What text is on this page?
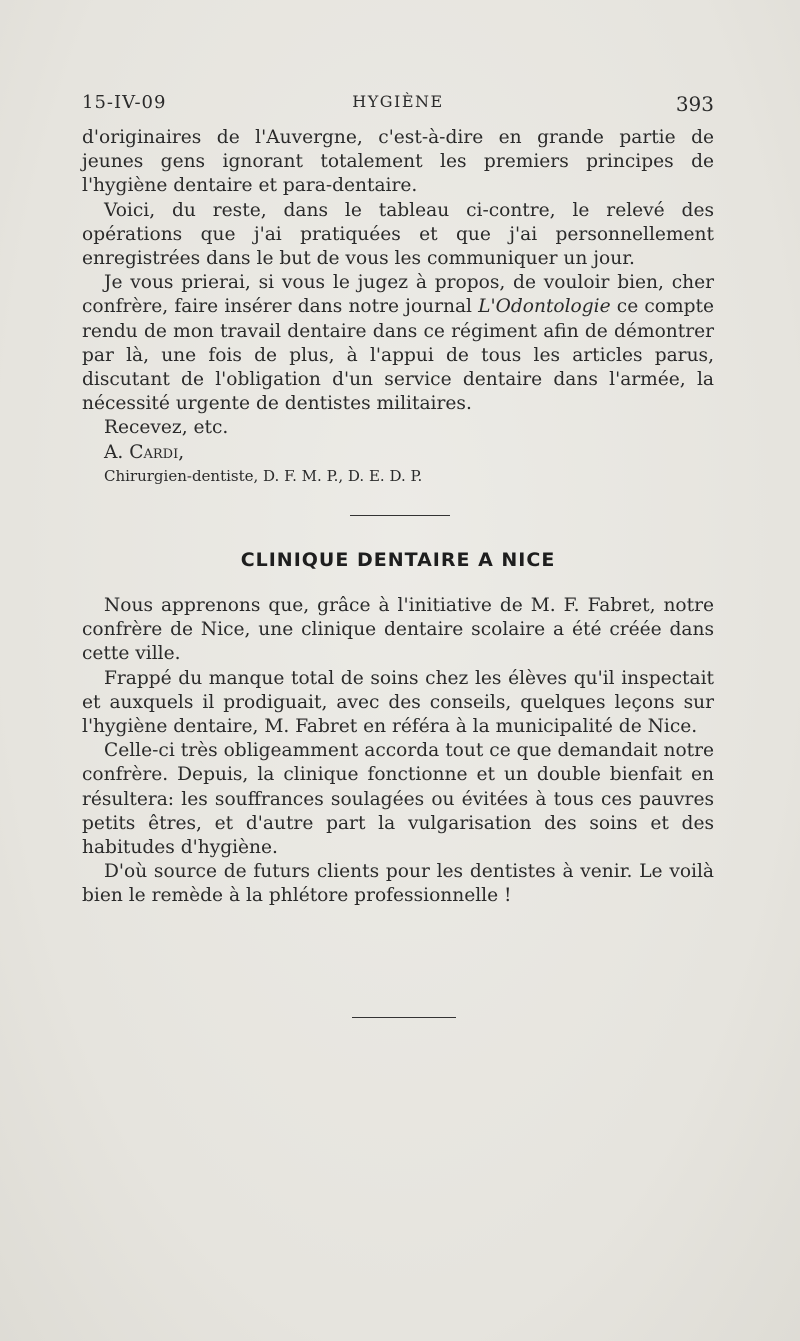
15-IV-09	HYGIÈNE	393

d'originaires de l'Auvergne, c'est-à-dire en grande partie de jeunes gens ignorant totalement les premiers principes de l'hygiène dentaire et para-dentaire.

Voici, du reste, dans le tableau ci-contre, le relevé des opérations que j'ai pratiquées et que j'ai personnellement enregistrées dans le but de vous les communiquer un jour.

Je vous prierai, si vous le jugez à propos, de vouloir bien, cher confrère, faire insérer dans notre journal L'Odontologie ce compte rendu de mon travail dentaire dans ce régiment afin de démontrer par là, une fois de plus, à l'appui de tous les articles parus, discutant de l'obligation d'un service dentaire dans l'armée, la nécessité urgente de dentistes militaires.

Recevez, etc.

A. Cardi,

Chirurgien-dentiste, D. F. M. P., D. E. D. P.

CLINIQUE DENTAIRE A NICE

Nous apprenons que, grâce à l'initiative de M. F. Fabret, notre confrère de Nice, une clinique dentaire scolaire a été créée dans cette ville.

Frappé du manque total de soins chez les élèves qu'il inspectait et auxquels il prodiguait, avec des conseils, quelques leçons sur l'hygiène dentaire, M. Fabret en référa à la municipalité de Nice.

Celle-ci très obligeamment accorda tout ce que demandait notre confrère. Depuis, la clinique fonctionne et un double bienfait en résultera: les souffrances soulagées ou évitées à tous ces pauvres petits êtres, et d'autre part la vulgarisation des soins et des habitudes d'hygiène.

D'où source de futurs clients pour les dentistes à venir. Le voilà bien le remède à la phlétore professionnelle !
